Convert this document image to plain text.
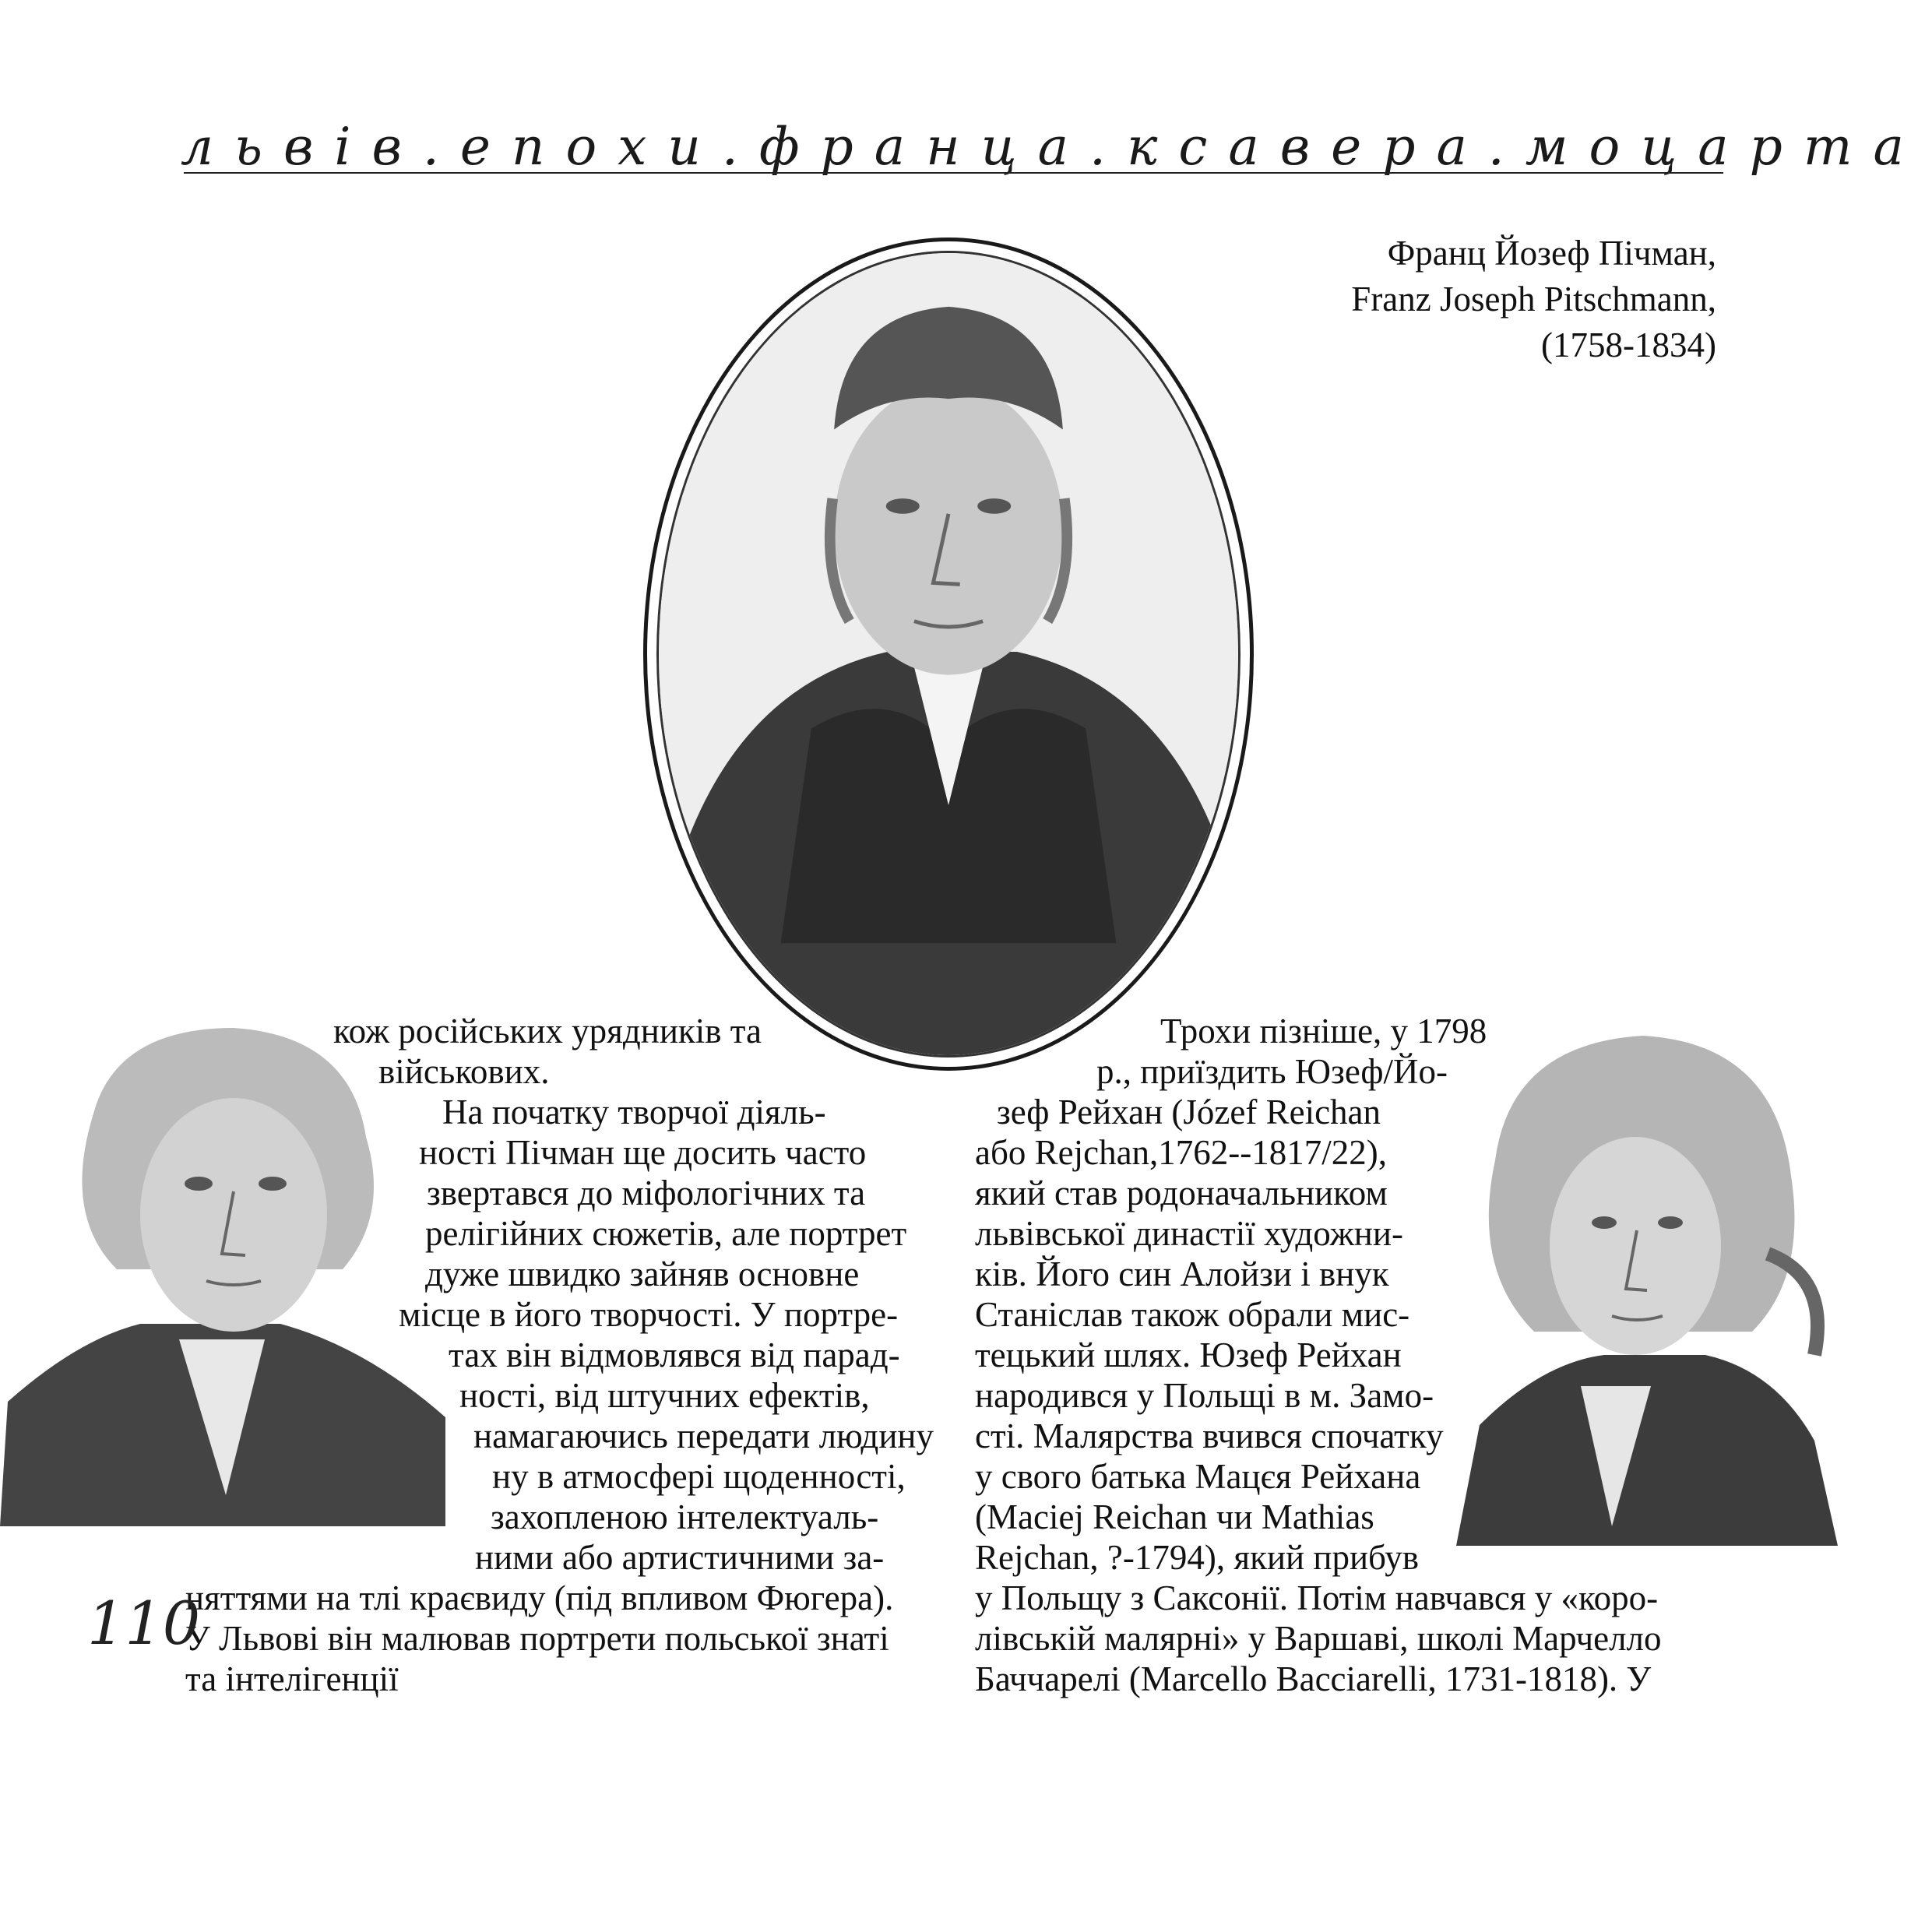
львів.епохи.франца.ксавера.моцарта
Франц Йозеф Пічман,
Franz Joseph Pitschmann,
(1758-1834)
кож російських урядників та
військових.
На початку творчої діяль-
ності Пічман ще досить часто
звертався до міфологічних та
релігійних сюжетів, але портрет
дуже швидко зайняв основне
місце в його творчості. У портре-
тах він відмовлявся від парад-
ності, від штучних ефектів,
намагаючись передати людину
ну в атмосфері щоденності,
захопленою інтелектуаль-
ними або артистичними за-
няттями на тлі краєвиду (під впливом Фюгера).
У Львові він малював портрети польської знаті
та інтелігенції
Трохи пізніше, у 1798
р., приїздить Юзеф/Йо-
зеф Рейхан (Józef Reichan
або Rejchan,1762--1817/22),
який став родоначальником
львівської династії художни-
ків. Його син Алойзи і внук
Станіслав також обрали мис-
тецький шлях. Юзеф Рейхан
народився у Польщі в м. Замо-
сті. Малярства вчився спочатку
у свого батька Мацєя Рейхана
(Maciej Reichan чи Mathias
Rejchan, ?-1794), який прибув
у Польщу з Саксонії. Потім навчався у «коро-
лівській малярні» у Варшаві, школі Марчелло
Баччарелі (Marcello Bacciarelli, 1731-1818). У
110
